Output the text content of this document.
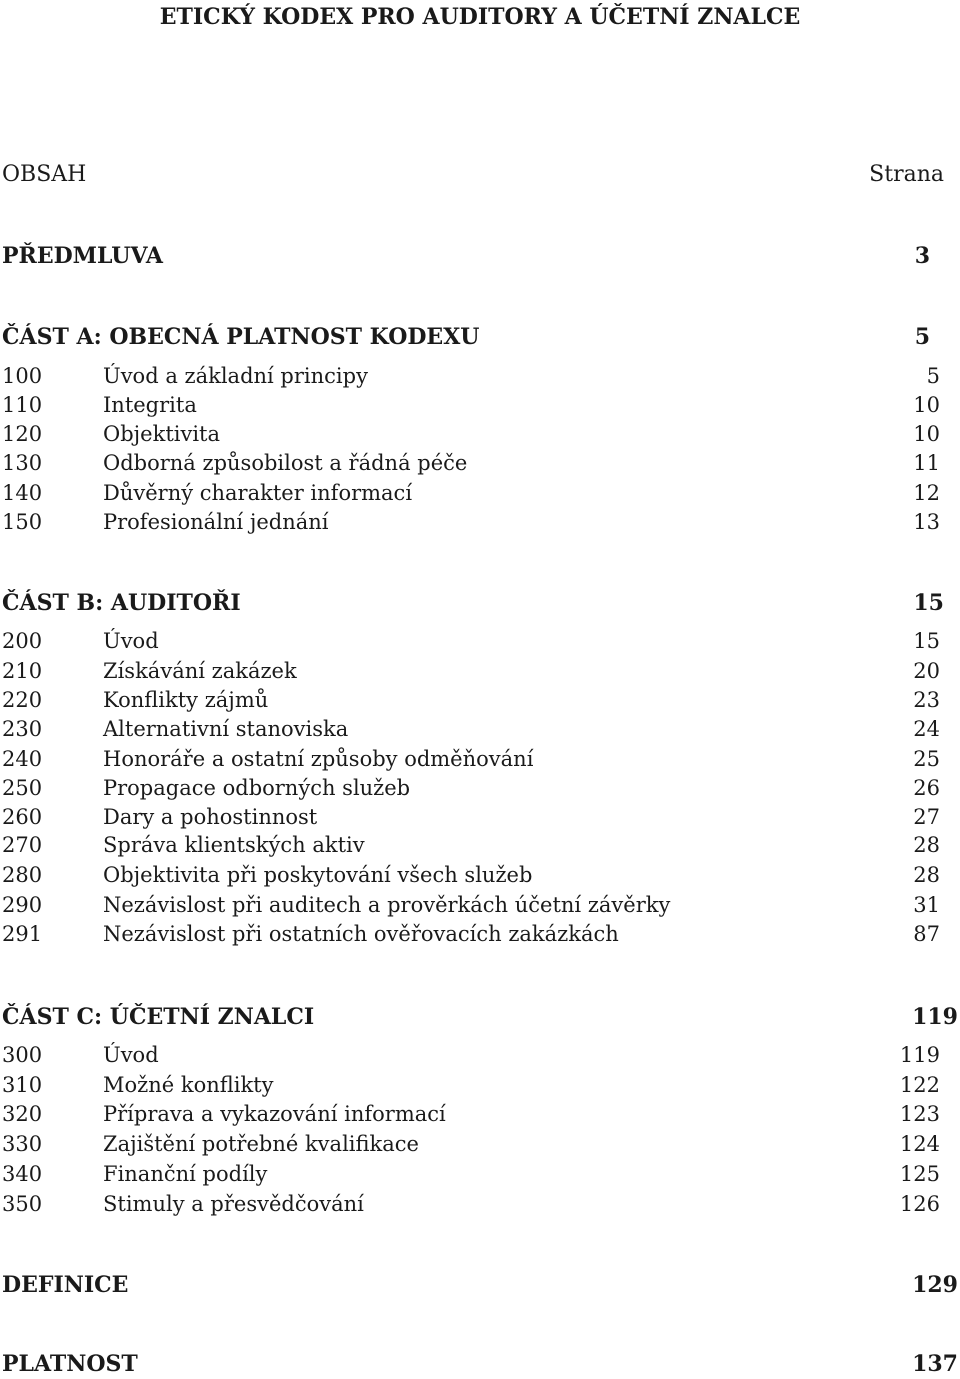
ETICKÝ KODEX PRO AUDITORY A ÚČETNÍ ZNALCE
OBSAH	Strana
PŘEDMLUVA	3
ČÁST A: OBECNÁ PLATNOST KODEXU	5
100	Úvod a základní principy	5
110	Integrita	10
120	Objektivita	10
130	Odborná způsobilost a řádná péče	11
140	Důvěrný charakter informací	12
150	Profesionální jednání	13
ČÁST B: AUDITOŘI	15
200	Úvod	15
210	Získávání zakázek	20
220	Konflikty zájmů	23
230	Alternativní stanoviska	24
240	Honoráře a ostatní způsoby odměňování	25
250	Propagace odborných služeb	26
260	Dary a pohostinnost	27
270	Správa klientských aktiv	28
280	Objektivita při poskytování všech služeb	28
290	Nezávislost při auditech a prověrkách účetní závěrky	31
291	Nezávislost při ostatních ověřovacích zakázkách	87
ČÁST C: ÚČETNÍ ZNALCI	119
300	Úvod	119
310	Možné konflikty	122
320	Příprava a vykazování informací	123
330	Zajištění potřebné kvalifikace	124
340	Finanční podíly	125
350	Stimuly a přesvědčování	126
DEFINICE	129
PLATNOST	137
